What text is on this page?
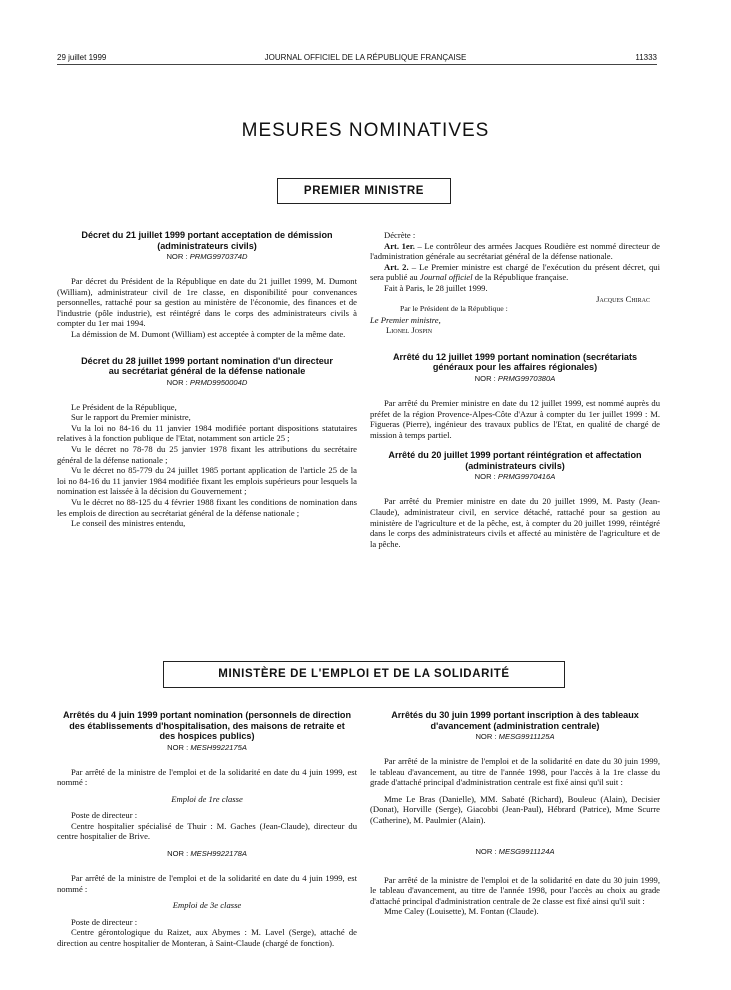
29 juillet 1999	JOURNAL OFFICIEL DE LA RÉPUBLIQUE FRANÇAISE	11333
MESURES NOMINATIVES
PREMIER MINISTRE
Décret du 21 juillet 1999 portant acceptation de démission (administrateurs civils)
NOR : PRMG9970374D

Par décret du Président de la République en date du 21 juillet 1999, M. Dumont (William), administrateur civil de 1re classe, en disponibilité pour convenances personnelles, rattaché pour sa gestion au ministère de l'économie, des finances et de l'industrie (pôle industrie), est réintégré dans le corps des administrateurs civils à compter du 1er mai 1994.

La démission de M. Dumont (William) est acceptée à compter de la même date.

Décret du 28 juillet 1999 portant nomination d'un directeur au secrétariat général de la défense nationale
NOR : PRMD9950004D

Le Président de la République,

Sur le rapport du Premier ministre,

Vu la loi no 84-16 du 11 janvier 1984 modifiée portant dispositions statutaires relatives à la fonction publique de l'Etat, notamment son article 25 ;

Vu le décret no 78-78 du 25 janvier 1978 fixant les attributions du secrétaire général de la défense nationale ;

Vu le décret no 85-779 du 24 juillet 1985 portant application de l'article 25 de la loi no 84-16 du 11 janvier 1984 modifiée fixant les emplois supérieurs pour lesquels la nomination est laissée à la décision du Gouvernement ;

Vu le décret no 88-125 du 4 février 1988 fixant les conditions de nomination dans les emplois de direction au secrétariat général de la défense nationale ;

Le conseil des ministres entendu,

Décrète :

Art. 1er. – Le contrôleur des armées Jacques Roudière est nommé directeur de l'administration générale au secrétariat général de la défense nationale.

Art. 2. – Le Premier ministre est chargé de l'exécution du présent décret, qui sera publié au Journal officiel de la République française.

Fait à Paris, le 28 juillet 1999.

Jacques Chirac
Par le Président de la République :
Le Premier ministre,
Lionel Jospin
Arrêté du 12 juillet 1999 portant nomination (secrétariats généraux pour les affaires régionales)
NOR : PRMG9970380A

Par arrêté du Premier ministre en date du 12 juillet 1999, est nommé auprès du préfet de la région Provence-Alpes-Côte d'Azur à compter du 1er juillet 1999 : M. Figueras (Pierre), ingénieur des travaux publics de l'Etat, en qualité de chargé de mission à temps partiel.

Arrêté du 20 juillet 1999 portant réintégration et affectation (administrateurs civils)
NOR : PRMG9970416A

Par arrêté du Premier ministre en date du 20 juillet 1999, M. Pasty (Jean-Claude), administrateur civil, en service détaché, rattaché pour sa gestion au ministère de l'agriculture et de la pêche, est, à compter du 20 juillet 1999, réintégré dans le corps des administrateurs civils et affecté au ministère de l'agriculture et de la pêche.

MINISTÈRE DE L'EMPLOI ET DE LA SOLIDARITÉ
Arrêtés du 4 juin 1999 portant nomination (personnels de direction des établissements d'hospitalisation, des maisons de retraite et des hospices publics)
NOR : MESH9922175A

Par arrêté de la ministre de l'emploi et de la solidarité en date du 4 juin 1999, est nommé :

Emploi de 1re classe

Poste de directeur :

Centre hospitalier spécialisé de Thuir : M. Gaches (Jean-Claude), directeur du centre hospitalier de Brive.

NOR : MESH9922178A

Par arrêté de la ministre de l'emploi et de la solidarité en date du 4 juin 1999, est nommé :

Emploi de 3e classe

Poste de directeur :

Centre gérontologique du Raizet, aux Abymes : M. Lavel (Serge), attaché de direction au centre hospitalier de Monteran, à Saint-Claude (chargé de fonction).

Arrêtés du 30 juin 1999 portant inscription à des tableaux d'avancement (administration centrale)
NOR : MESG9911125A

Par arrêté de la ministre de l'emploi et de la solidarité en date du 30 juin 1999, le tableau d'avancement, au titre de l'année 1998, pour l'accès à la 1re classe du grade d'attaché principal d'administration centrale est fixé ainsi qu'il suit :

Mme Le Bras (Danielle), MM. Sabaté (Richard), Bouleuc (Alain), Decisier (Donat), Horville (Serge), Giacobbi (Jean-Paul), Hébrard (Patrice), Mme Scurre (Catherine), M. Paulmier (Alain).

NOR : MESG9911124A

Par arrêté de la ministre de l'emploi et de la solidarité en date du 30 juin 1999, le tableau d'avancement, au titre de l'année 1998, pour l'accès au choix au grade d'attaché principal d'administration centrale de 2e classe est fixé ainsi qu'il suit :

Mme Caley (Louisette), M. Fontan (Claude).
